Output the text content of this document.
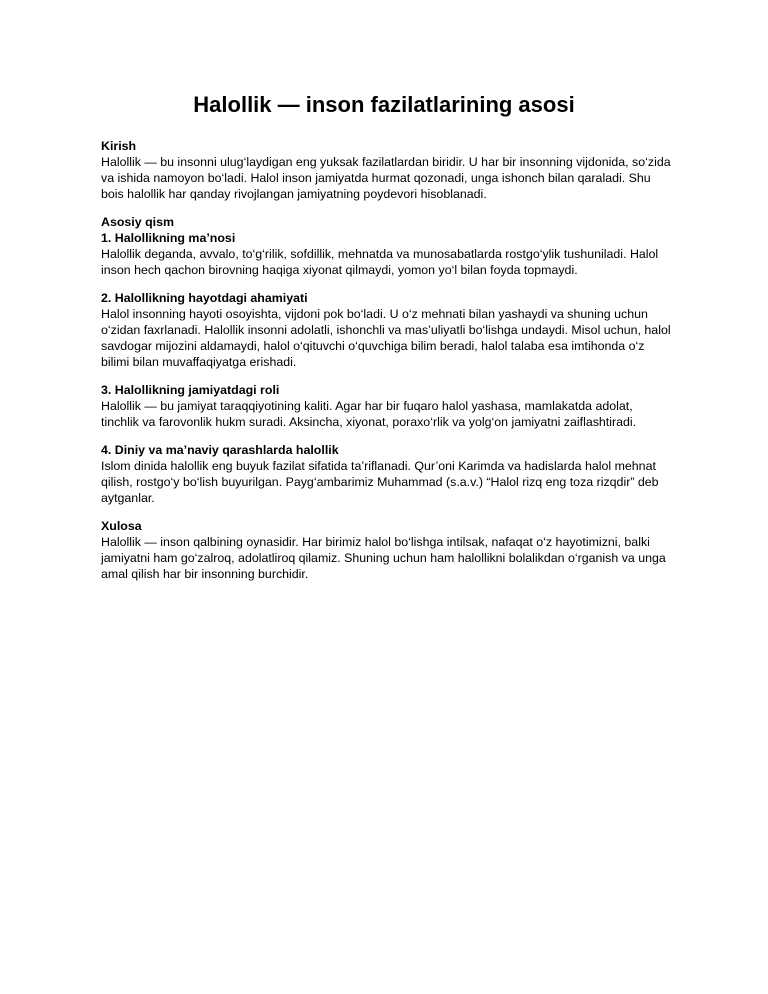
Halollik — inson fazilatlarining asosi

Kirish

Halollik — bu insonni ulug‘laydigan eng yuksak fazilatlardan biridir. U har bir insonning vijdonida, so‘zida va ishida namoyon bo‘ladi. Halol inson jamiyatda hurmat qozonadi, unga ishonch bilan qaraladi. Shu bois halollik har qanday rivojlangan jamiyatning poydevori hisoblanadi.

Asosiy qism

1. Halollikning ma’nosi

Halollik deganda, avvalo, to‘g‘rilik, sofdillik, mehnatda va munosabatlarda rostgo‘ylik tushuniladi. Halol inson hech qachon birovning haqiga xiyonat qilmaydi, yomon yo‘l bilan foyda topmaydi.

2. Halollikning hayotdagi ahamiyati

Halol insonning hayoti osoyishta, vijdoni pok bo‘ladi. U o‘z mehnati bilan yashaydi va shuning uchun o‘zidan faxrlanadi. Halollik insonni adolatli, ishonchli va mas’uliyatli bo‘lishga undaydi. Misol uchun, halol savdogar mijozini aldamaydi, halol o‘qituvchi o‘quvchiga bilim beradi, halol talaba esa imtihonda o‘z bilimi bilan muvaffaqiyatga erishadi.

3. Halollikning jamiyatdagi roli

Halollik — bu jamiyat taraqqiyotining kaliti. Agar har bir fuqaro halol yashasa, mamlakatda adolat, tinchlik va farovonlik hukm suradi. Aksincha, xiyonat, poraxo‘rlik va yolg‘on jamiyatni zaiflashtiradi.

4. Diniy va ma’naviy qarashlarda halollik

Islom dinida halollik eng buyuk fazilat sifatida ta’riflanadi. Qur’oni Karimda va hadislarda halol mehnat qilish, rostgo‘y bo‘lish buyurilgan. Payg‘ambarimiz Muhammad (s.a.v.) “Halol rizq eng toza rizqdir” deb aytganlar.

Xulosa

Halollik — inson qalbining oynasidir. Har birimiz halol bo‘lishga intilsak, nafaqat o‘z hayotimizni, balki jamiyatni ham go‘zalroq, adolatliroq qilamiz. Shuning uchun ham halollikni bolalikdan o‘rganish va unga amal qilish har bir insonning burchidir.
